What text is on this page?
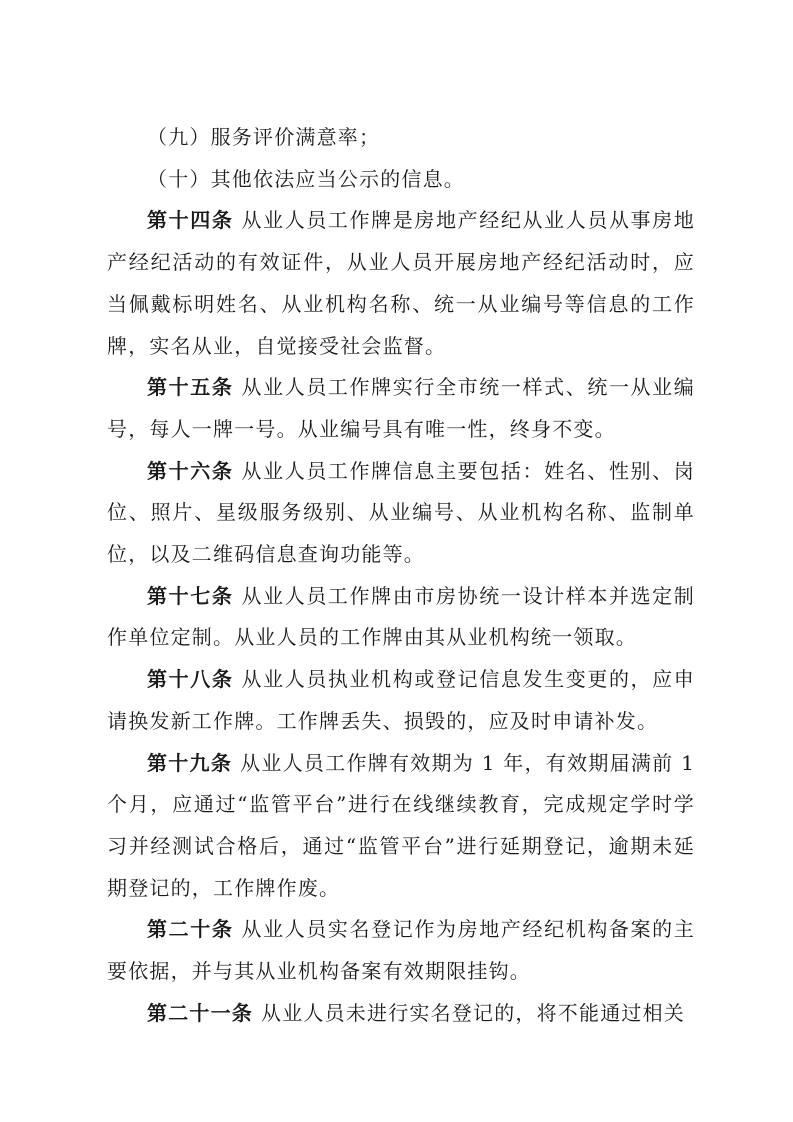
（九）服务评价满意率；

（十）其他依法应当公示的信息。

第十四条 从业人员工作牌是房地产经纪从业人员从事房地产经纪活动的有效证件，从业人员开展房地产经纪活动时，应当佩戴标明姓名、从业机构名称、统一从业编号等信息的工作牌，实名从业，自觉接受社会监督。

第十五条 从业人员工作牌实行全市统一样式、统一从业编号，每人一牌一号。从业编号具有唯一性，终身不变。

第十六条 从业人员工作牌信息主要包括：姓名、性别、岗位、照片、星级服务级别、从业编号、从业机构名称、监制单位，以及二维码信息查询功能等。

第十七条 从业人员工作牌由市房协统一设计样本并选定制作单位定制。从业人员的工作牌由其从业机构统一领取。

第十八条 从业人员执业机构或登记信息发生变更的，应申请换发新工作牌。工作牌丢失、损毁的，应及时申请补发。

第十九条 从业人员工作牌有效期为 1 年，有效期届满前 1 个月，应通过“监管平台”进行在线继续教育，完成规定学时学习并经测试合格后，通过“监管平台”进行延期登记，逾期未延期登记的，工作牌作废。

第二十条 从业人员实名登记作为房地产经纪机构备案的主要依据，并与其从业机构备案有效期限挂钩。

第二十一条 从业人员未进行实名登记的，将不能通过相关
